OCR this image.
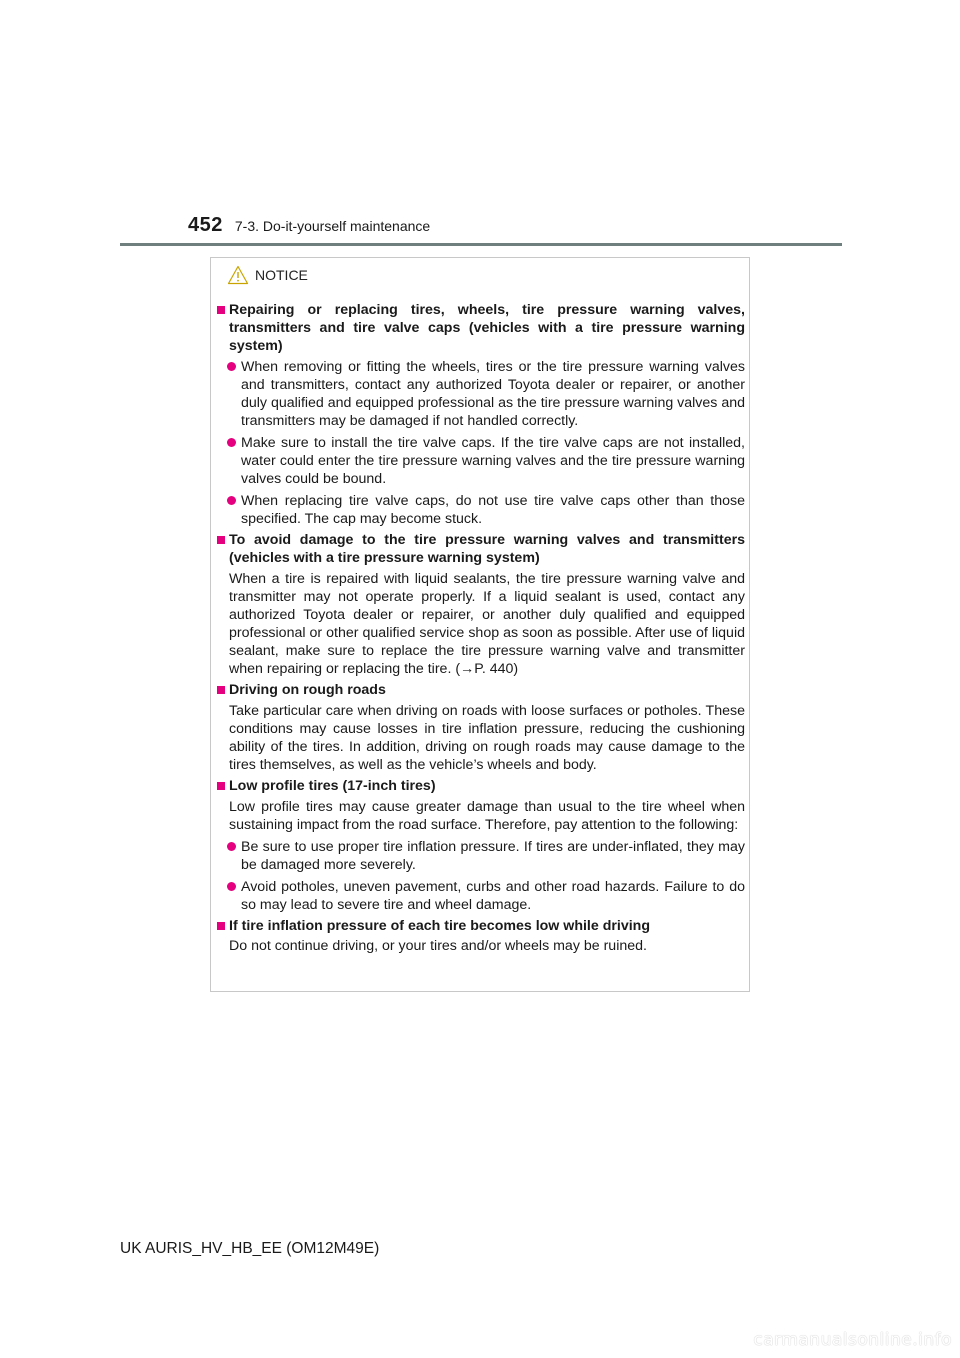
452 7-3. Do-it-yourself maintenance
NOTICE

Repairing or replacing tires, wheels, tire pressure warning valves, transmitters and tire valve caps (vehicles with a tire pressure warning system)

When removing or fitting the wheels, tires or the tire pressure warning valves and transmitters, contact any authorized Toyota dealer or repairer, or another duly qualified and equipped professional as the tire pressure warning valves and transmitters may be damaged if not handled correctly.
Make sure to install the tire valve caps. If the tire valve caps are not installed, water could enter the tire pressure warning valves and the tire pressure warning valves could be bound.
When replacing tire valve caps, do not use tire valve caps other than those specified. The cap may become stuck.

To avoid damage to the tire pressure warning valves and transmitters (vehicles with a tire pressure warning system)

When a tire is repaired with liquid sealants, the tire pressure warning valve and transmitter may not operate properly. If a liquid sealant is used, contact any authorized Toyota dealer or repairer, or another duly qualified and equipped professional or other qualified service shop as soon as possible. After use of liquid sealant, make sure to replace the tire pressure warning valve and transmitter when repairing or replacing the tire. (→P. 440)

Driving on rough roads

Take particular care when driving on roads with loose surfaces or potholes. These conditions may cause losses in tire inflation pressure, reducing the cushioning ability of the tires. In addition, driving on rough roads may cause damage to the tires themselves, as well as the vehicle’s wheels and body.

Low profile tires (17-inch tires)

Low profile tires may cause greater damage than usual to the tire wheel when sustaining impact from the road surface. Therefore, pay attention to the following:

Be sure to use proper tire inflation pressure. If tires are under-inflated, they may be damaged more severely.
Avoid potholes, uneven pavement, curbs and other road hazards. Failure to do so may lead to severe tire and wheel damage.

If tire inflation pressure of each tire becomes low while driving

Do not continue driving, or your tires and/or wheels may be ruined.

UK AURIS_HV_HB_EE (OM12M49E)
carmanualsonline.info
